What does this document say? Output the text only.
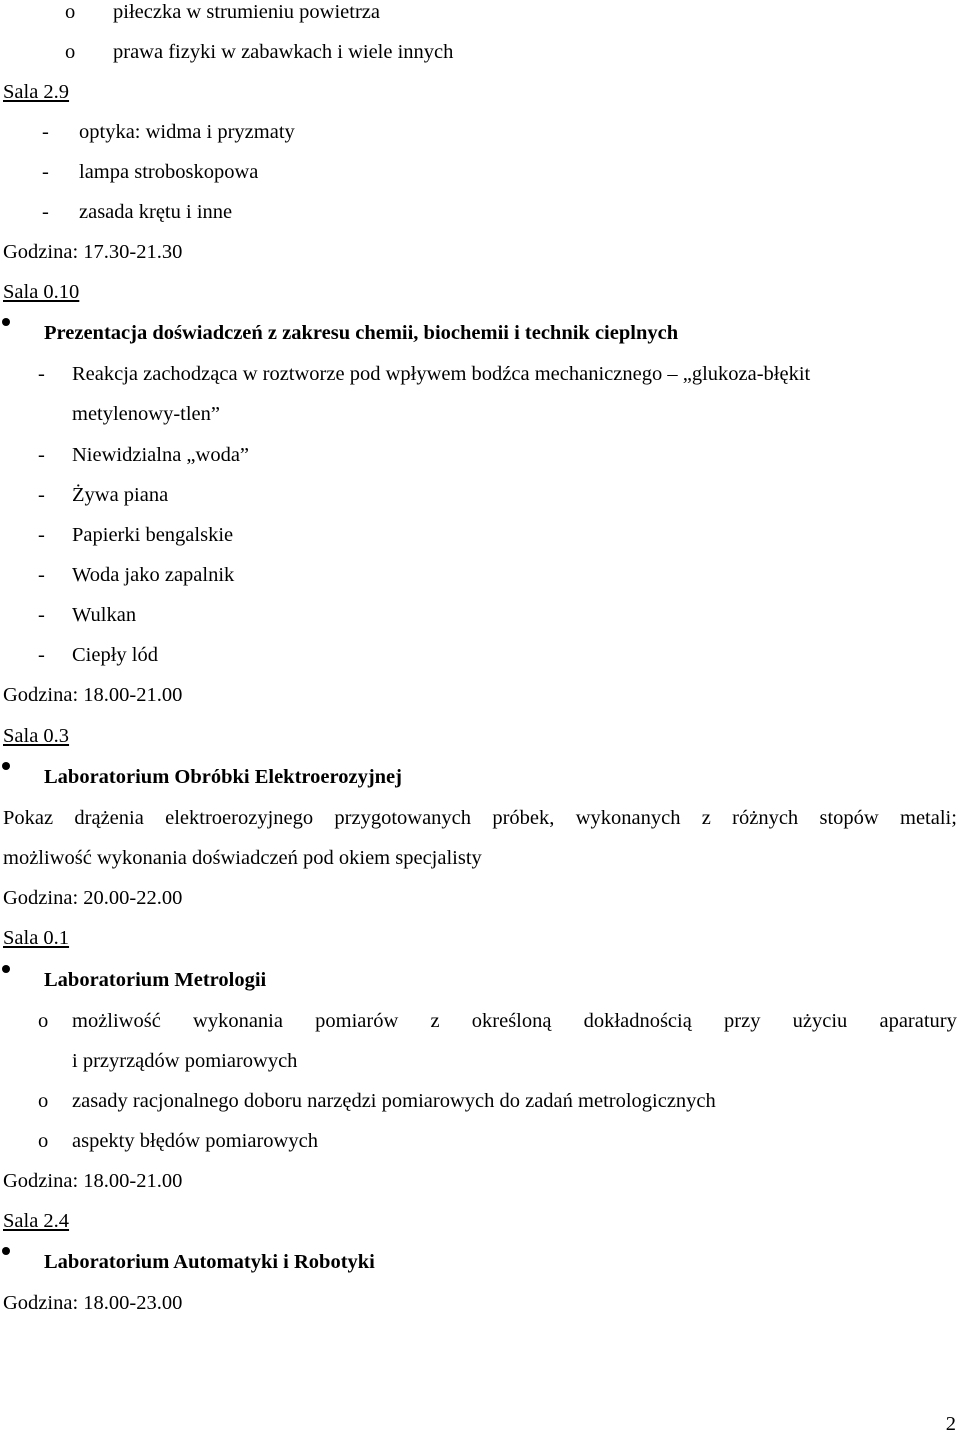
o piłeczka w strumieniu powietrza
o prawa fizyki w zabawkach i wiele innych
Sala 2.9
- optyka: widma i pryzmaty
- lampa stroboskopowa
- zasada krętu i inne
Godzina: 17.30-21.30
Sala 0.10
Prezentacja doświadczeń z zakresu chemii, biochemii i technik cieplnych
- Reakcja zachodząca w roztworze pod wpływem bodźca mechanicznego – „glukoza-błękit
metylenowy-tlen”
- Niewidzialna „woda”
- Żywa piana
- Papierki bengalskie
- Woda jako zapalnik
- Wulkan
- Ciepły lód
Godzina: 18.00-21.00
Sala 0.3
Laboratorium Obróbki Elektroerozyjnej
Pokaz drążenia elektroerozyjnego przygotowanych próbek, wykonanych z różnych stopów metali;
możliwość wykonania doświadczeń pod okiem specjalisty
Godzina: 20.00-22.00
Sala 0.1
Laboratorium Metrologii
o możliwość wykonania pomiarów z określoną dokładnością przy użyciu aparatury
i przyrządów pomiarowych
o zasady racjonalnego doboru narzędzi pomiarowych do zadań metrologicznych
o aspekty błędów pomiarowych
Godzina: 18.00-21.00
Sala 2.4
Laboratorium Automatyki i Robotyki
Godzina: 18.00-23.00
2
